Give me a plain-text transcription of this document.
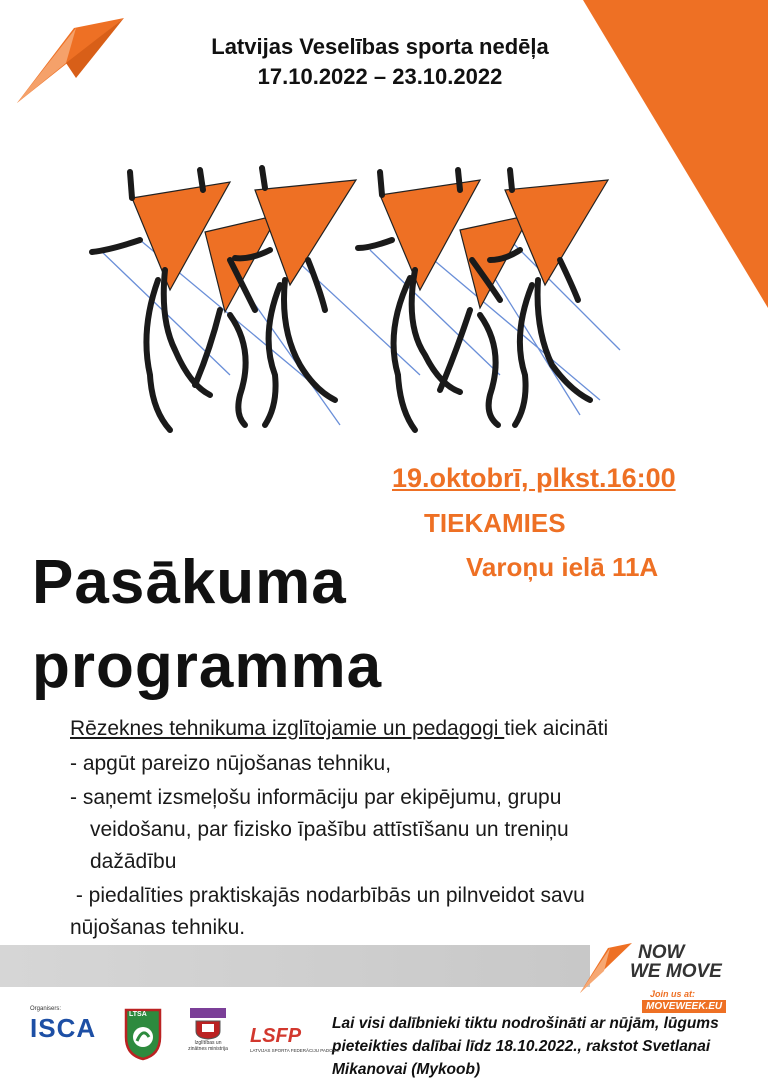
Latvijas Veselības sporta nedēļa
17.10.2022 – 23.10.2022
19.oktobrī, plkst.16:00
TIEKAMIES
Varoņu ielā 11A
Pasākuma
programma
Rēzeknes tehnikuma izglītojamie un pedagogi tiek aicināti
- apgūt pareizo nūjošanas tehniku,
- saņemt izsmeļošu informāciju par ekipējumu, grupu
veidošanu, par fizisko īpašību attīstīšanu un treniņu
dažādību
- piedalīties praktiskajās nodarbībās un pilnveidot savu
nūjošanas tehniku.
NOW
WE MOVE
Join us at:
MOVEWEEK.EU
Organisers:
ISCA	LTSA
Izglītības un zinātnes ministrija
LSFP
LATVIJAS SPORTA FEDERĀCIJU PADOME
Lai visi dalībnieki tiktu nodrošināti ar nūjām, lūgums pieteikties dalībai līdz 18.10.2022., rakstot Svetlanai Mikanovai (Mykoob)
